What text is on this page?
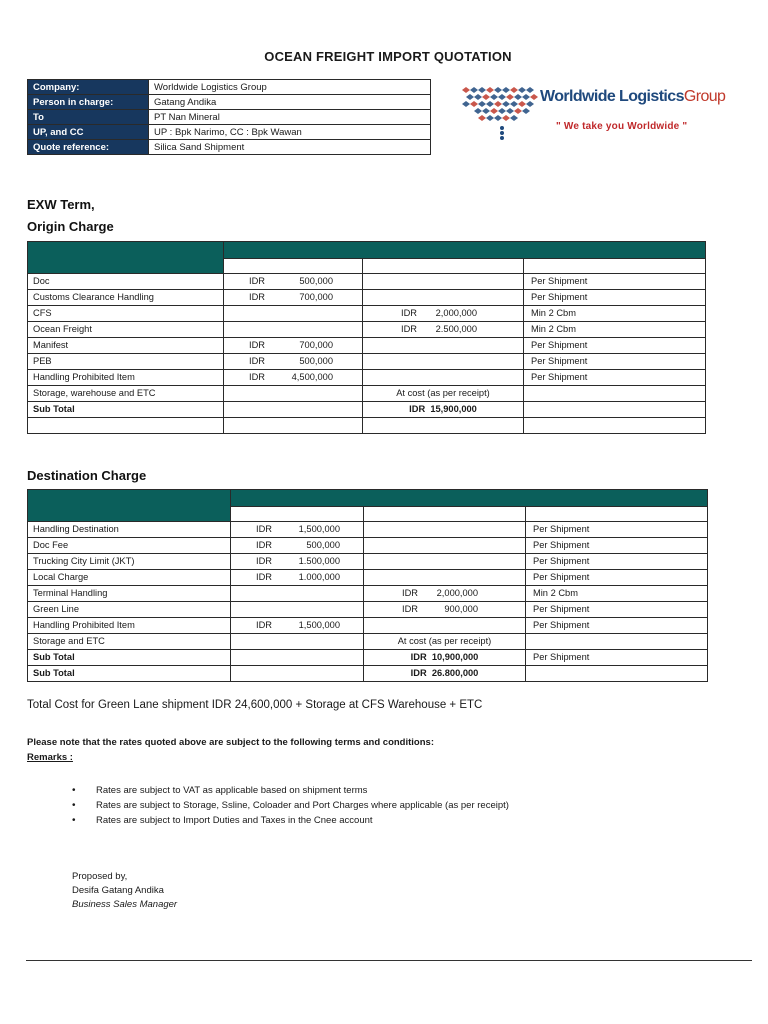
OCEAN FREIGHT IMPORT QUOTATION
Company:	Worldwide Logistics Group
Person in charge:	Gatang Andika
To	PT Nan Mineral
UP, and CC	UP : Bpk Narimo, CC : Bpk Wawan
Quote reference:	Silica Sand Shipment
Worldwide LogisticsGroup
" We take you Worldwide "
EXW Term,
Origin Charge

Doc	IDR 500,000		Per Shipment
Customs Clearance Handling	IDR 700,000		Per Shipment
CFS		IDR 2,000,000	Min 2 Cbm
Ocean Freight		IDR 2.500,000	Min 2 Cbm
Manifest	IDR 700,000		Per Shipment
PEB	IDR 500,000		Per Shipment
Handling Prohibited Item	IDR 4,500,000		Per Shipment
Storage, warehouse and ETC		At cost (as per receipt)	
Sub Total		IDR  15,900,000	

Destination Charge

Handling Destination	IDR 1,500,000		Per Shipment
Doc Fee	IDR 500,000		Per Shipment
Trucking City Limit (JKT)	IDR 1.500,000		Per Shipment
Local Charge	IDR 1.000,000		Per Shipment
Terminal Handling		IDR 2,000,000	Min 2 Cbm
Green Line		IDR 900,000	Per Shipment
Handling Prohibited Item	IDR 1,500,000		Per Shipment
Storage and ETC		At cost (as per receipt)	
Sub Total		IDR  10,900,000	Per Shipment
Sub Total		IDR  26.800,000	
Total Cost for Green Lane shipment IDR 24,600,000 + Storage at CFS Warehouse + ETC
Please note that the rates quoted above are subject to the following terms and conditions:
Remarks :
• Rates are subject to VAT as applicable based on shipment terms
• Rates are subject to Storage, Ssline, Coloader and Port Charges where applicable (as per receipt)
• Rates are subject to Import Duties and Taxes in the Cnee account
Proposed by,
Desifa Gatang Andika
Business Sales Manager
